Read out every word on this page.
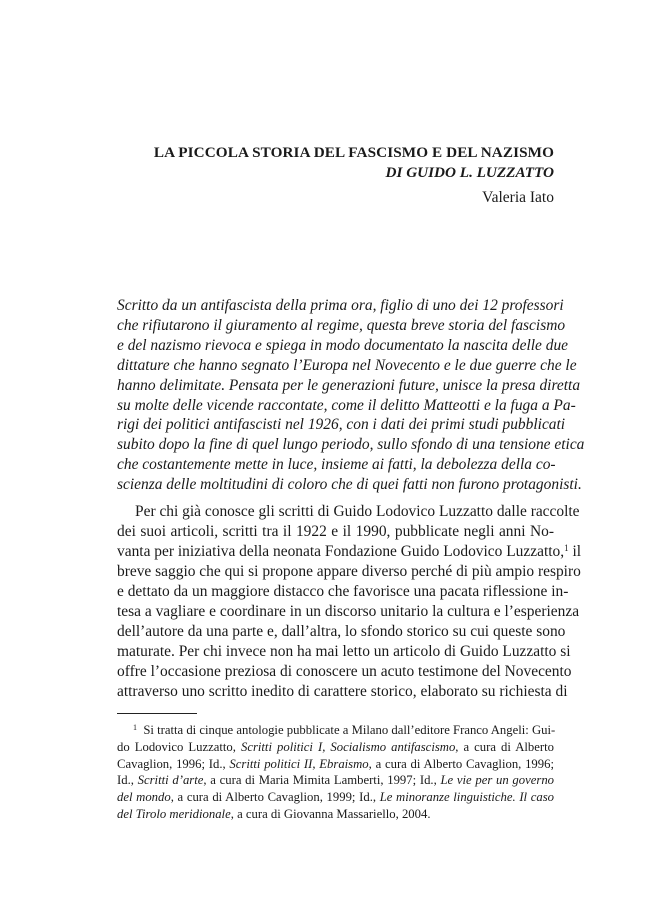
LA PICCOLA STORIA DEL FASCISMO E DEL NAZISMO
DI GUIDO L. LUZZATTO
Valeria Iato
Scritto da un antifascista della prima ora, figlio di uno dei 12 professori
che rifiutarono il giuramento al regime, questa breve storia del fascismo
e del nazismo rievoca e spiega in modo documentato la nascita delle due
dittature che hanno segnato l’Europa nel Novecento e le due guerre che le
hanno delimitate. Pensata per le generazioni future, unisce la presa diretta
su molte delle vicende raccontate, come il delitto Matteotti e la fuga a Pa-
rigi dei politici antifascisti nel 1926, con i dati dei primi studi pubblicati
subito dopo la fine di quel lungo periodo, sullo sfondo di una tensione etica
che costantemente mette in luce, insieme ai fatti, la debolezza della co-
scienza delle moltitudini di coloro che di quei fatti non furono protagonisti.
Per chi già conosce gli scritti di Guido Lodovico Luzzatto dalle raccolte
dei suoi articoli, scritti tra il 1922 e il 1990, pubblicate negli anni No-
vanta per iniziativa della neonata Fondazione Guido Lodovico Luzzatto,$^1$ il
breve saggio che qui si propone appare diverso perché di più ampio respiro
e dettato da un maggiore distacco che favorisce una pacata riflessione in-
tesa a vagliare e coordinare in un discorso unitario la cultura e l’esperienza
dell’autore da una parte e, dall’altra, lo sfondo storico su cui queste sono
maturate. Per chi invece non ha mai letto un articolo di Guido Luzzatto si
offre l’occasione preziosa di conoscere un acuto testimone del Novecento
attraverso uno scritto inedito di carattere storico, elaborato su richiesta di
$^1$ Si tratta di cinque antologie pubblicate a Milano dall’editore Franco Angeli: Gui-
do Lodovico Luzzatto, Scritti politici I, Socialismo antifascismo, a cura di Alberto
Cavaglion, 1996; Id., Scritti politici II, Ebraismo, a cura di Alberto Cavaglion, 1996;
Id., Scritti d’arte, a cura di Maria Mimita Lamberti, 1997; Id., Le vie per un governo
del mondo, a cura di Alberto Cavaglion, 1999; Id., Le minoranze linguistiche. Il caso
del Tirolo meridionale, a cura di Giovanna Massariello, 2004.
